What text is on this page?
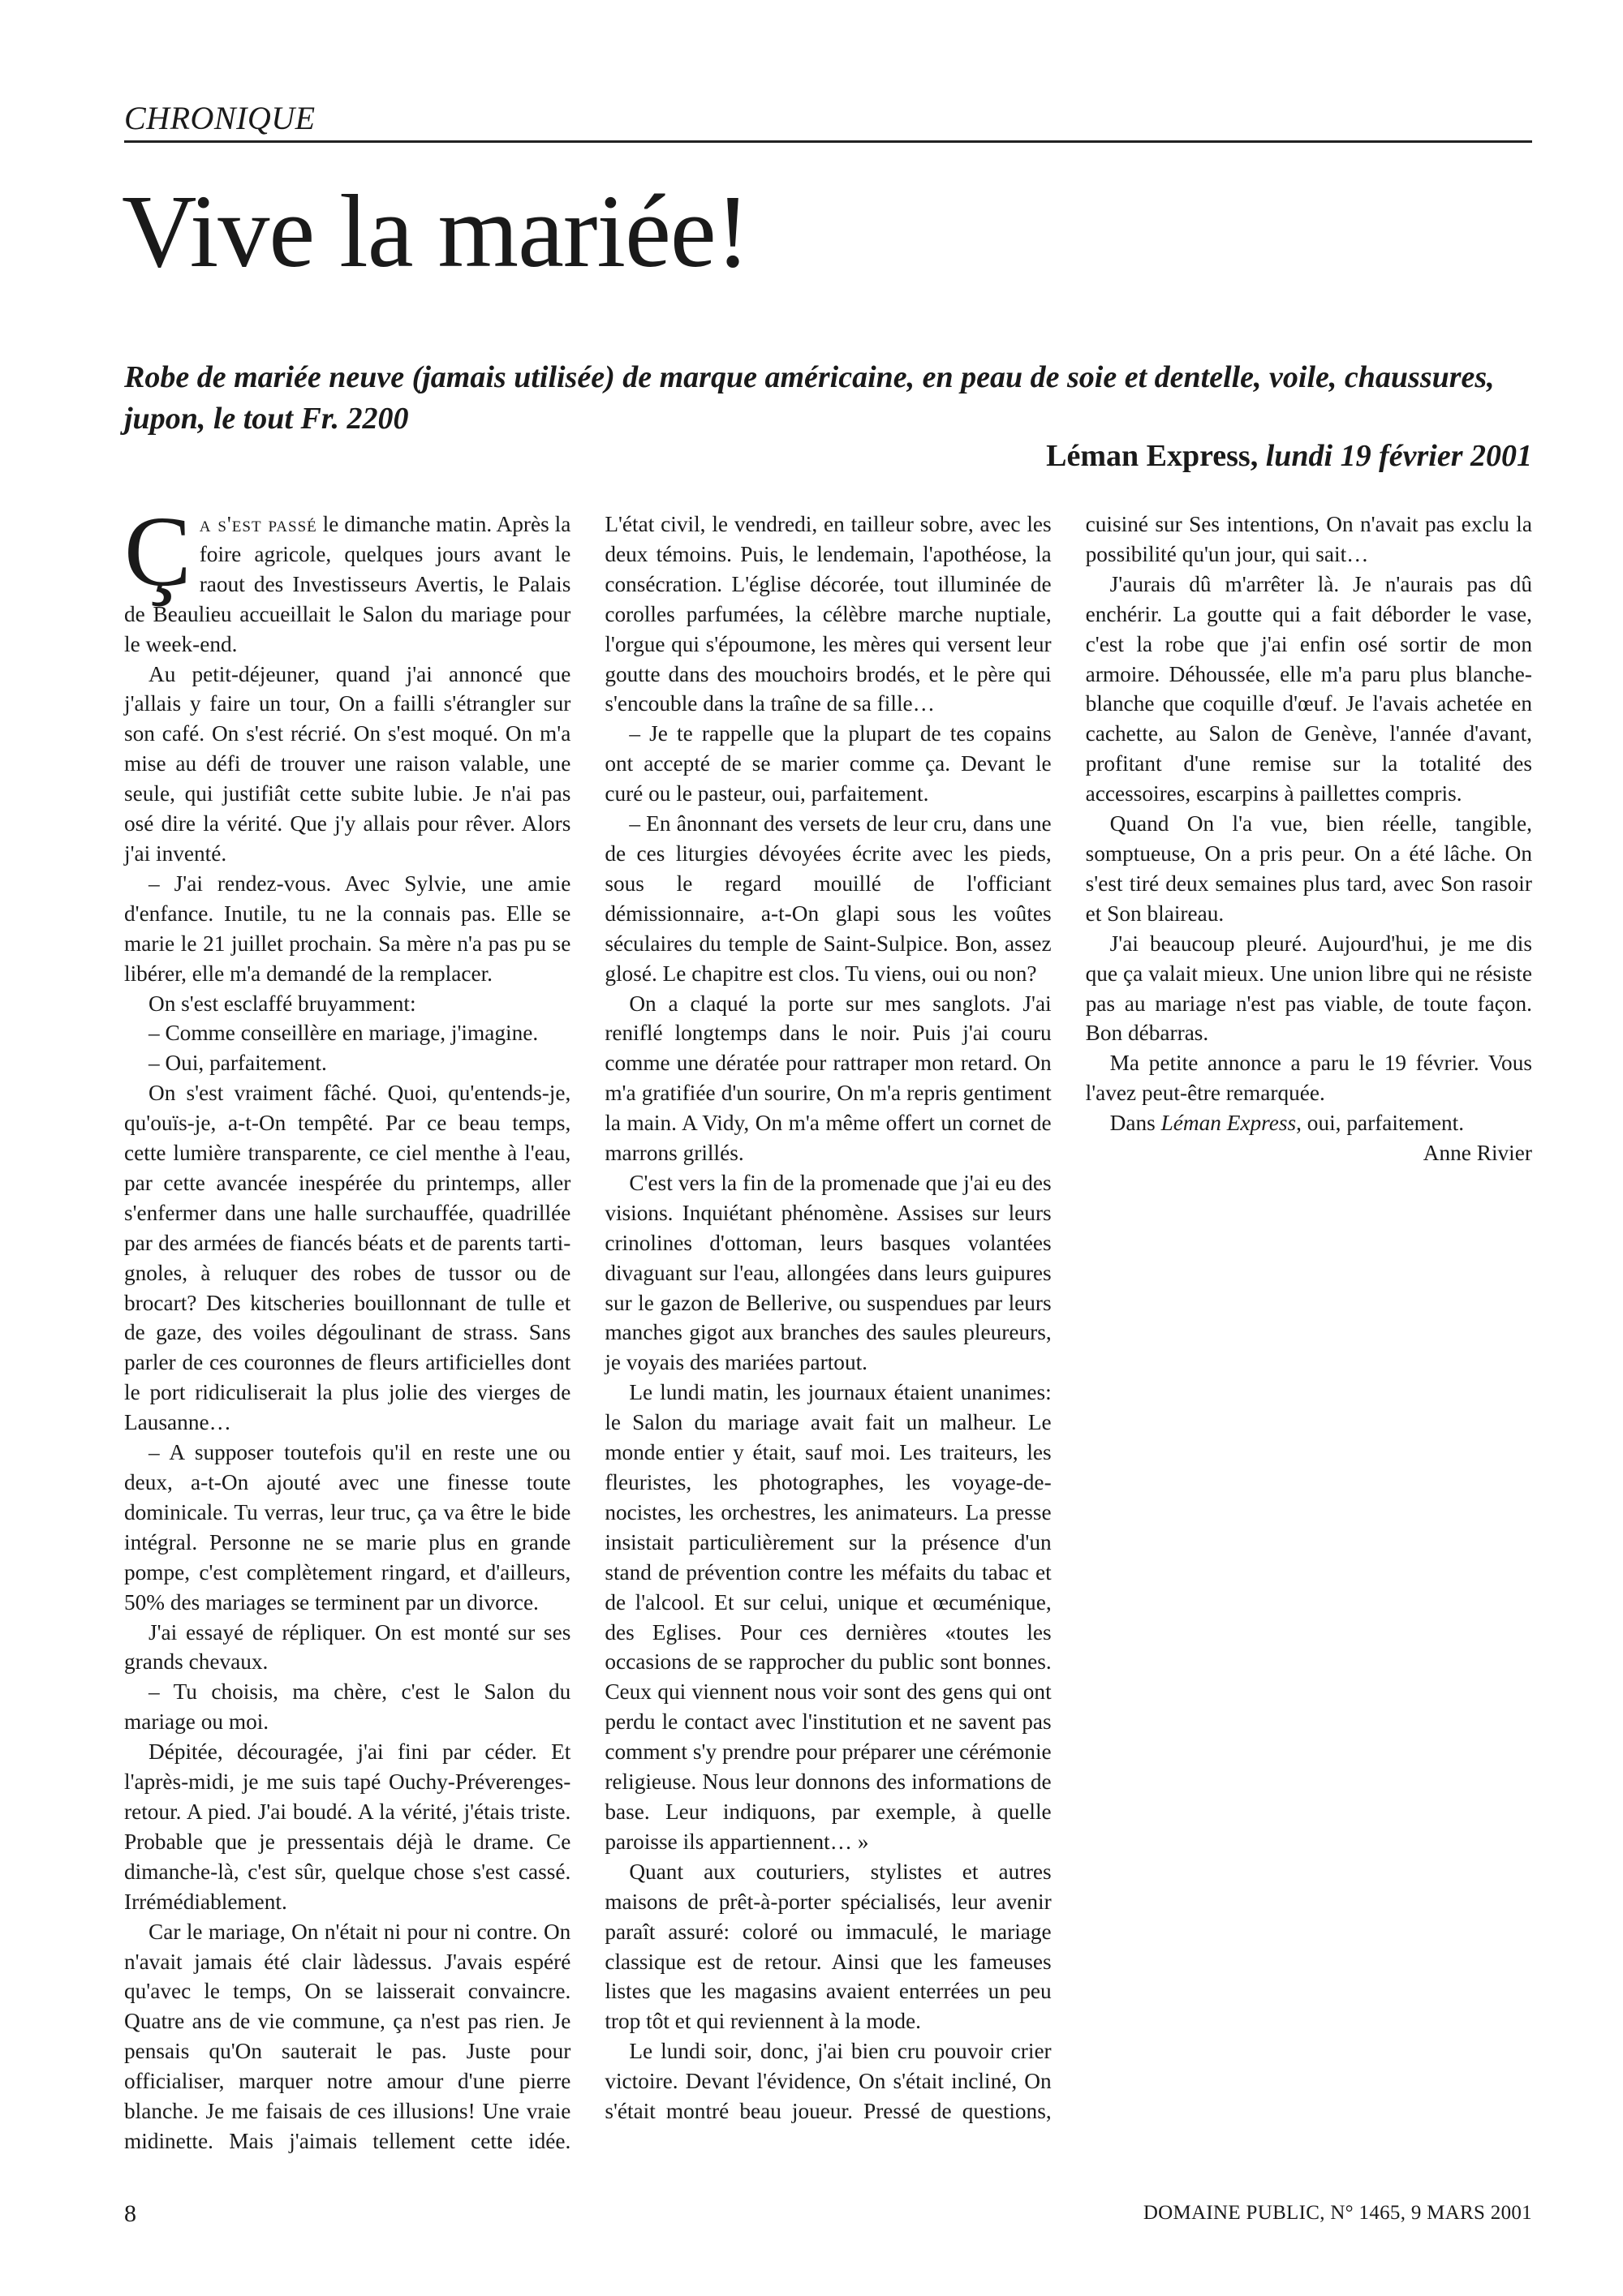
CHRONIQUE
Vive la mariée!

Robe de mariée neuve (jamais utilisée) de marque américaine, en peau de soie et dentelle, voile, chaussures, jupon, le tout Fr. 2200

Léman Express, lundi 19 février 2001

Ça s'est passé le dimanche matin. Après la foire agricole, quelques jours avant le raout des Investisseurs Avertis, le Palais de Beaulieu accueillait le Salon du mariage pour le week-end.

Au petit-déjeuner, quand j'ai annoncé que j'allais y faire un tour, On a failli s'étrangler sur son café. On s'est récrié. On s'est moqué. On m'a mise au défi de trouver une raison valable, une seule, qui justifiât cette subite lubie. Je n'ai pas osé dire la vérité. Que j'y allais pour rêver. Alors j'ai inventé.

– J'ai rendez-vous. Avec Sylvie, une amie d'enfance. Inutile, tu ne la connais pas. Elle se marie le 21 juillet prochain. Sa mère n'a pas pu se libérer, elle m'a demandé de la remplacer.

On s'est esclaffé bruyamment:

– Comme conseillère en mariage, j'imagine.

– Oui, parfaitement.

On s'est vraiment fâché. Quoi, qu'entends-je, qu'ouïs-je, a-t-On tempêté. Par ce beau temps, cette lumière transparente, ce ciel menthe à l'eau, par cette avancée inespérée du printemps, aller s'enfermer dans une halle surchauffée, quadrillée par des armées de fiancés béats et de parents tartignoles, à reluquer des robes de tussor ou de brocart? Des kitscheries bouillonnant de tulle et de gaze, des voiles dégoulinant de strass. Sans parler de ces couronnes de fleurs artificielles dont le port ridiculiserait la plus jolie des vierges de Lausanne…

– A supposer toutefois qu'il en reste une ou deux, a-t-On ajouté avec une finesse toute dominicale. Tu verras, leur truc, ça va être le bide intégral. Personne ne se marie plus en grande pompe, c'est complètement ringard, et d'ailleurs, 50% des mariages se terminent par un divorce.

J'ai essayé de répliquer. On est monté sur ses grands chevaux.

– Tu choisis, ma chère, c'est le Salon du mariage ou moi.

Dépitée, découragée, j'ai fini par céder. Et l'après-midi, je me suis tapé Ouchy-Préverenges-retour. A pied. J'ai boudé. A la vérité, j'étais triste. Probable que je pressentais déjà le drame. Ce dimanche-là, c'est sûr, quelque chose s'est cassé. Irrémédiablement.

Car le mariage, On n'était ni pour ni contre. On n'avait jamais été clair làdessus. J'avais espéré qu'avec le temps, On se laisserait convaincre. Quatre ans de vie commune, ça n'est pas rien. Je pensais qu'On sauterait le pas. Juste pour officialiser, marquer notre amour d'une pierre blanche. Je me faisais de ces illusions! Une vraie midinette. Mais j'aimais tellement cette idée. L'état civil, le vendredi, en tailleur sobre, avec les deux témoins. Puis, le lendemain, l'apothéose, la consécration. L'église décorée, tout illuminée de corolles parfumées, la célèbre marche nuptiale, l'orgue qui s'époumone, les mères qui versent leur goutte dans des mouchoirs brodés, et le père qui s'encouble dans la traîne de sa fille…

– Je te rappelle que la plupart de tes copains ont accepté de se marier comme ça. Devant le curé ou le pasteur, oui, parfaitement.

– En ânonnant des versets de leur cru, dans une de ces liturgies dévoyées écrite avec les pieds, sous le regard mouillé de l'officiant démissionnaire, a-t-On glapi sous les voûtes séculaires du temple de Saint-Sulpice. Bon, assez glosé. Le chapitre est clos. Tu viens, oui ou non?

On a claqué la porte sur mes sanglots. J'ai reniflé longtemps dans le noir. Puis j'ai couru comme une dératée pour rattraper mon retard. On m'a gratifiée d'un sourire, On m'a repris gentiment la main. A Vidy, On m'a même offert un cornet de marrons grillés.

C'est vers la fin de la promenade que j'ai eu des visions. Inquiétant phénomène. Assises sur leurs crinolines d'ottoman, leurs basques volantées divaguant sur l'eau, allongées dans leurs guipures sur le gazon de Bellerive, ou suspendues par leurs manches gigot aux branches des saules pleureurs, je voyais des mariées partout.

Le lundi matin, les journaux étaient unanimes: le Salon du mariage avait fait un malheur. Le monde entier y était, sauf moi. Les traiteurs, les fleuristes, les photographes, les voyage-denocistes, les orchestres, les animateurs. La presse insistait particulièrement sur la présence d'un stand de prévention contre les méfaits du tabac et de l'alcool. Et sur celui, unique et œcuménique, des Eglises. Pour ces dernières «toutes les occasions de se rapprocher du public sont bonnes. Ceux qui viennent nous voir sont des gens qui ont perdu le contact avec l'institution et ne savent pas comment s'y prendre pour préparer une cérémonie religieuse. Nous leur donnons des informations de base. Leur indiquons, par exemple, à quelle paroisse ils appartiennent… »

Quant aux couturiers, stylistes et autres maisons de prêt-à-porter spécialisés, leur avenir paraît assuré: coloré ou immaculé, le mariage classique est de retour. Ainsi que les fameuses listes que les magasins avaient enterrées un peu trop tôt et qui reviennent à la mode.

Le lundi soir, donc, j'ai bien cru pouvoir crier victoire. Devant l'évidence, On s'était incliné, On s'était montré beau joueur. Pressé de questions, cuisiné sur Ses intentions, On n'avait pas exclu la possibilité qu'un jour, qui sait…

J'aurais dû m'arrêter là. Je n'aurais pas dû enchérir. La goutte qui a fait déborder le vase, c'est la robe que j'ai enfin osé sortir de mon armoire. Déhoussée, elle m'a paru plus blanche-blanche que coquille d'œuf. Je l'avais achetée en cachette, au Salon de Genève, l'année d'avant, profitant d'une remise sur la totalité des accessoires, escarpins à paillettes compris.

Quand On l'a vue, bien réelle, tangible, somptueuse, On a pris peur. On a été lâche. On s'est tiré deux semaines plus tard, avec Son rasoir et Son blaireau.

J'ai beaucoup pleuré. Aujourd'hui, je me dis que ça valait mieux. Une union libre qui ne résiste pas au mariage n'est pas viable, de toute façon. Bon débarras.

Ma petite annonce a paru le 19 février. Vous l'avez peut-être remarquée.

Dans Léman Express, oui, parfaitement.

Anne Rivier

8	DOMAINE PUBLIC, N° 1465, 9 MARS 2001
